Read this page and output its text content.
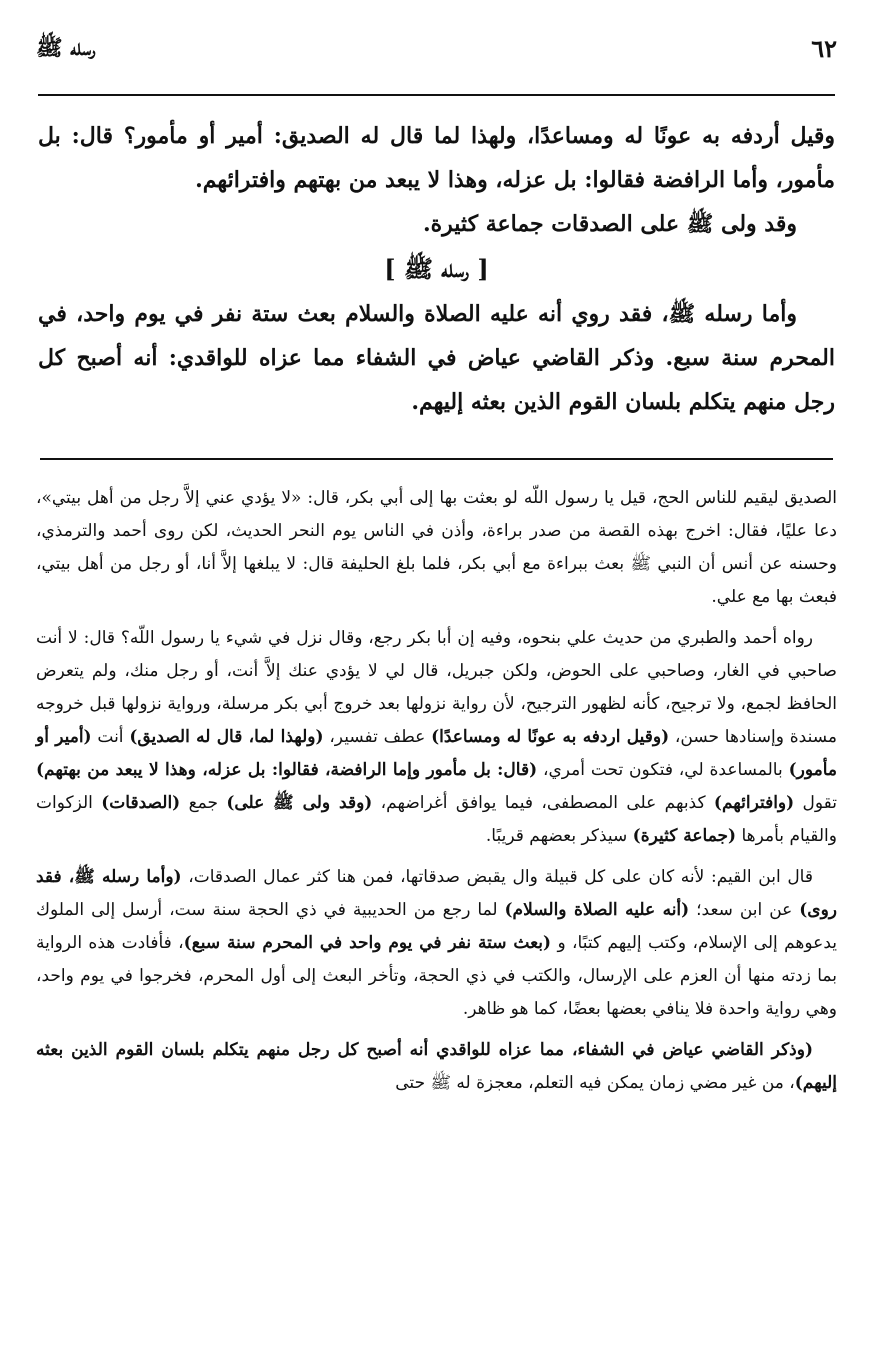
٦٢
رسله ﷺ

وقيل أردفه به عونًا له ومساعدًا، ولهذا لما قال له الصديق: أمير أو مأمور؟ قال: بل مأمور، وأما الرافضة فقالوا: بل عزله، وهذا لا يبعد من بهتهم وافترائهم.

وقد ولى ﷺ على الصدقات جماعة كثيرة.

[ رسله ﷺ ]

وأما رسله ﷺ، فقد روي أنه عليه الصلاة والسلام بعث ستة نفر في يوم واحد، في المحرم سنة سبع. وذكر القاضي عياض في الشفاء مما عزاه للواقدي: أنه أصبح كل رجل منهم يتكلم بلسان القوم الذين بعثه إليهم.

الصديق ليقيم للناس الحج، قيل يا رسول اللّه لو بعثت بها إلى أبي بكر، قال: «لا يؤدي عني إلاَّ رجل من أهل بيتي»، دعا عليًا، فقال: اخرج بهذه القصة من صدر براءة، وأذن في الناس يوم النحر الحديث، لكن روى أحمد والترمذي، وحسنه عن أنس أن النبي ﷺ بعث ببراءة مع أبي بكر، فلما بلغ الحليفة قال: لا يبلغها إلاَّ أنا، أو رجل من أهل بيتي، فبعث بها مع علي.

رواه أحمد والطبري من حديث علي بنحوه، وفيه إن أبا بكر رجع، وقال نزل في شيء يا رسول اللّه؟ قال: لا أنت صاحبي في الغار، وصاحبي على الحوض، ولكن جبريل، قال لي لا يؤدي عنك إلاَّ أنت، أو رجل منك، ولم يتعرض الحافظ لجمع، ولا ترجيح، كأنه لظهور الترجيح، لأن رواية نزولها بعد خروج أبي بكر مرسلة، ورواية نزولها قبل خروجه مسندة وإسنادها حسن، (وقيل اردفه به عونًا له ومساعدًا) عطف تفسير، (ولهذا لما، قال له الصديق) أنت (أمير أو مأمور) بالمساعدة لي، فتكون تحت أمري، (قال: بل مأمور وإما الرافضة، فقالوا: بل عزله، وهذا لا يبعد من بهتهم) تقول (وافترائهم) كذبهم على المصطفى، فيما يوافق أغراضهم، (وقد ولى ﷺ على) جمع (الصدقات) الزكوات والقيام بأمرها (جماعة كثيرة) سيذكر بعضهم قريبًا.

قال ابن القيم: لأنه كان على كل قبيلة وال يقبض صدقاتها، فمن هنا كثر عمال الصدقات، (وأما رسله ﷺ، فقد روى) عن ابن سعد؛ (أنه عليه الصلاة والسلام) لما رجع من الحديبية في ذي الحجة سنة ست، أرسل إلى الملوك يدعوهم إلى الإسلام، وكتب إليهم كتبًا، و (بعث ستة نفر في يوم واحد في المحرم سنة سبع)، فأفادت هذه الرواية بما زدته منها أن العزم على الإرسال، والكتب في ذي الحجة، وتأخر البعث إلى أول المحرم، فخرجوا في يوم واحد، وهي رواية واحدة فلا ينافي بعضها بعضًا، كما هو ظاهر.

(وذكر القاضي عياض في الشفاء، مما عزاه للواقدي أنه أصبح كل رجل منهم يتكلم بلسان القوم الذين بعثه إليهم)، من غير مضي زمان يمكن فيه التعلم، معجزة له ﷺ حتى
